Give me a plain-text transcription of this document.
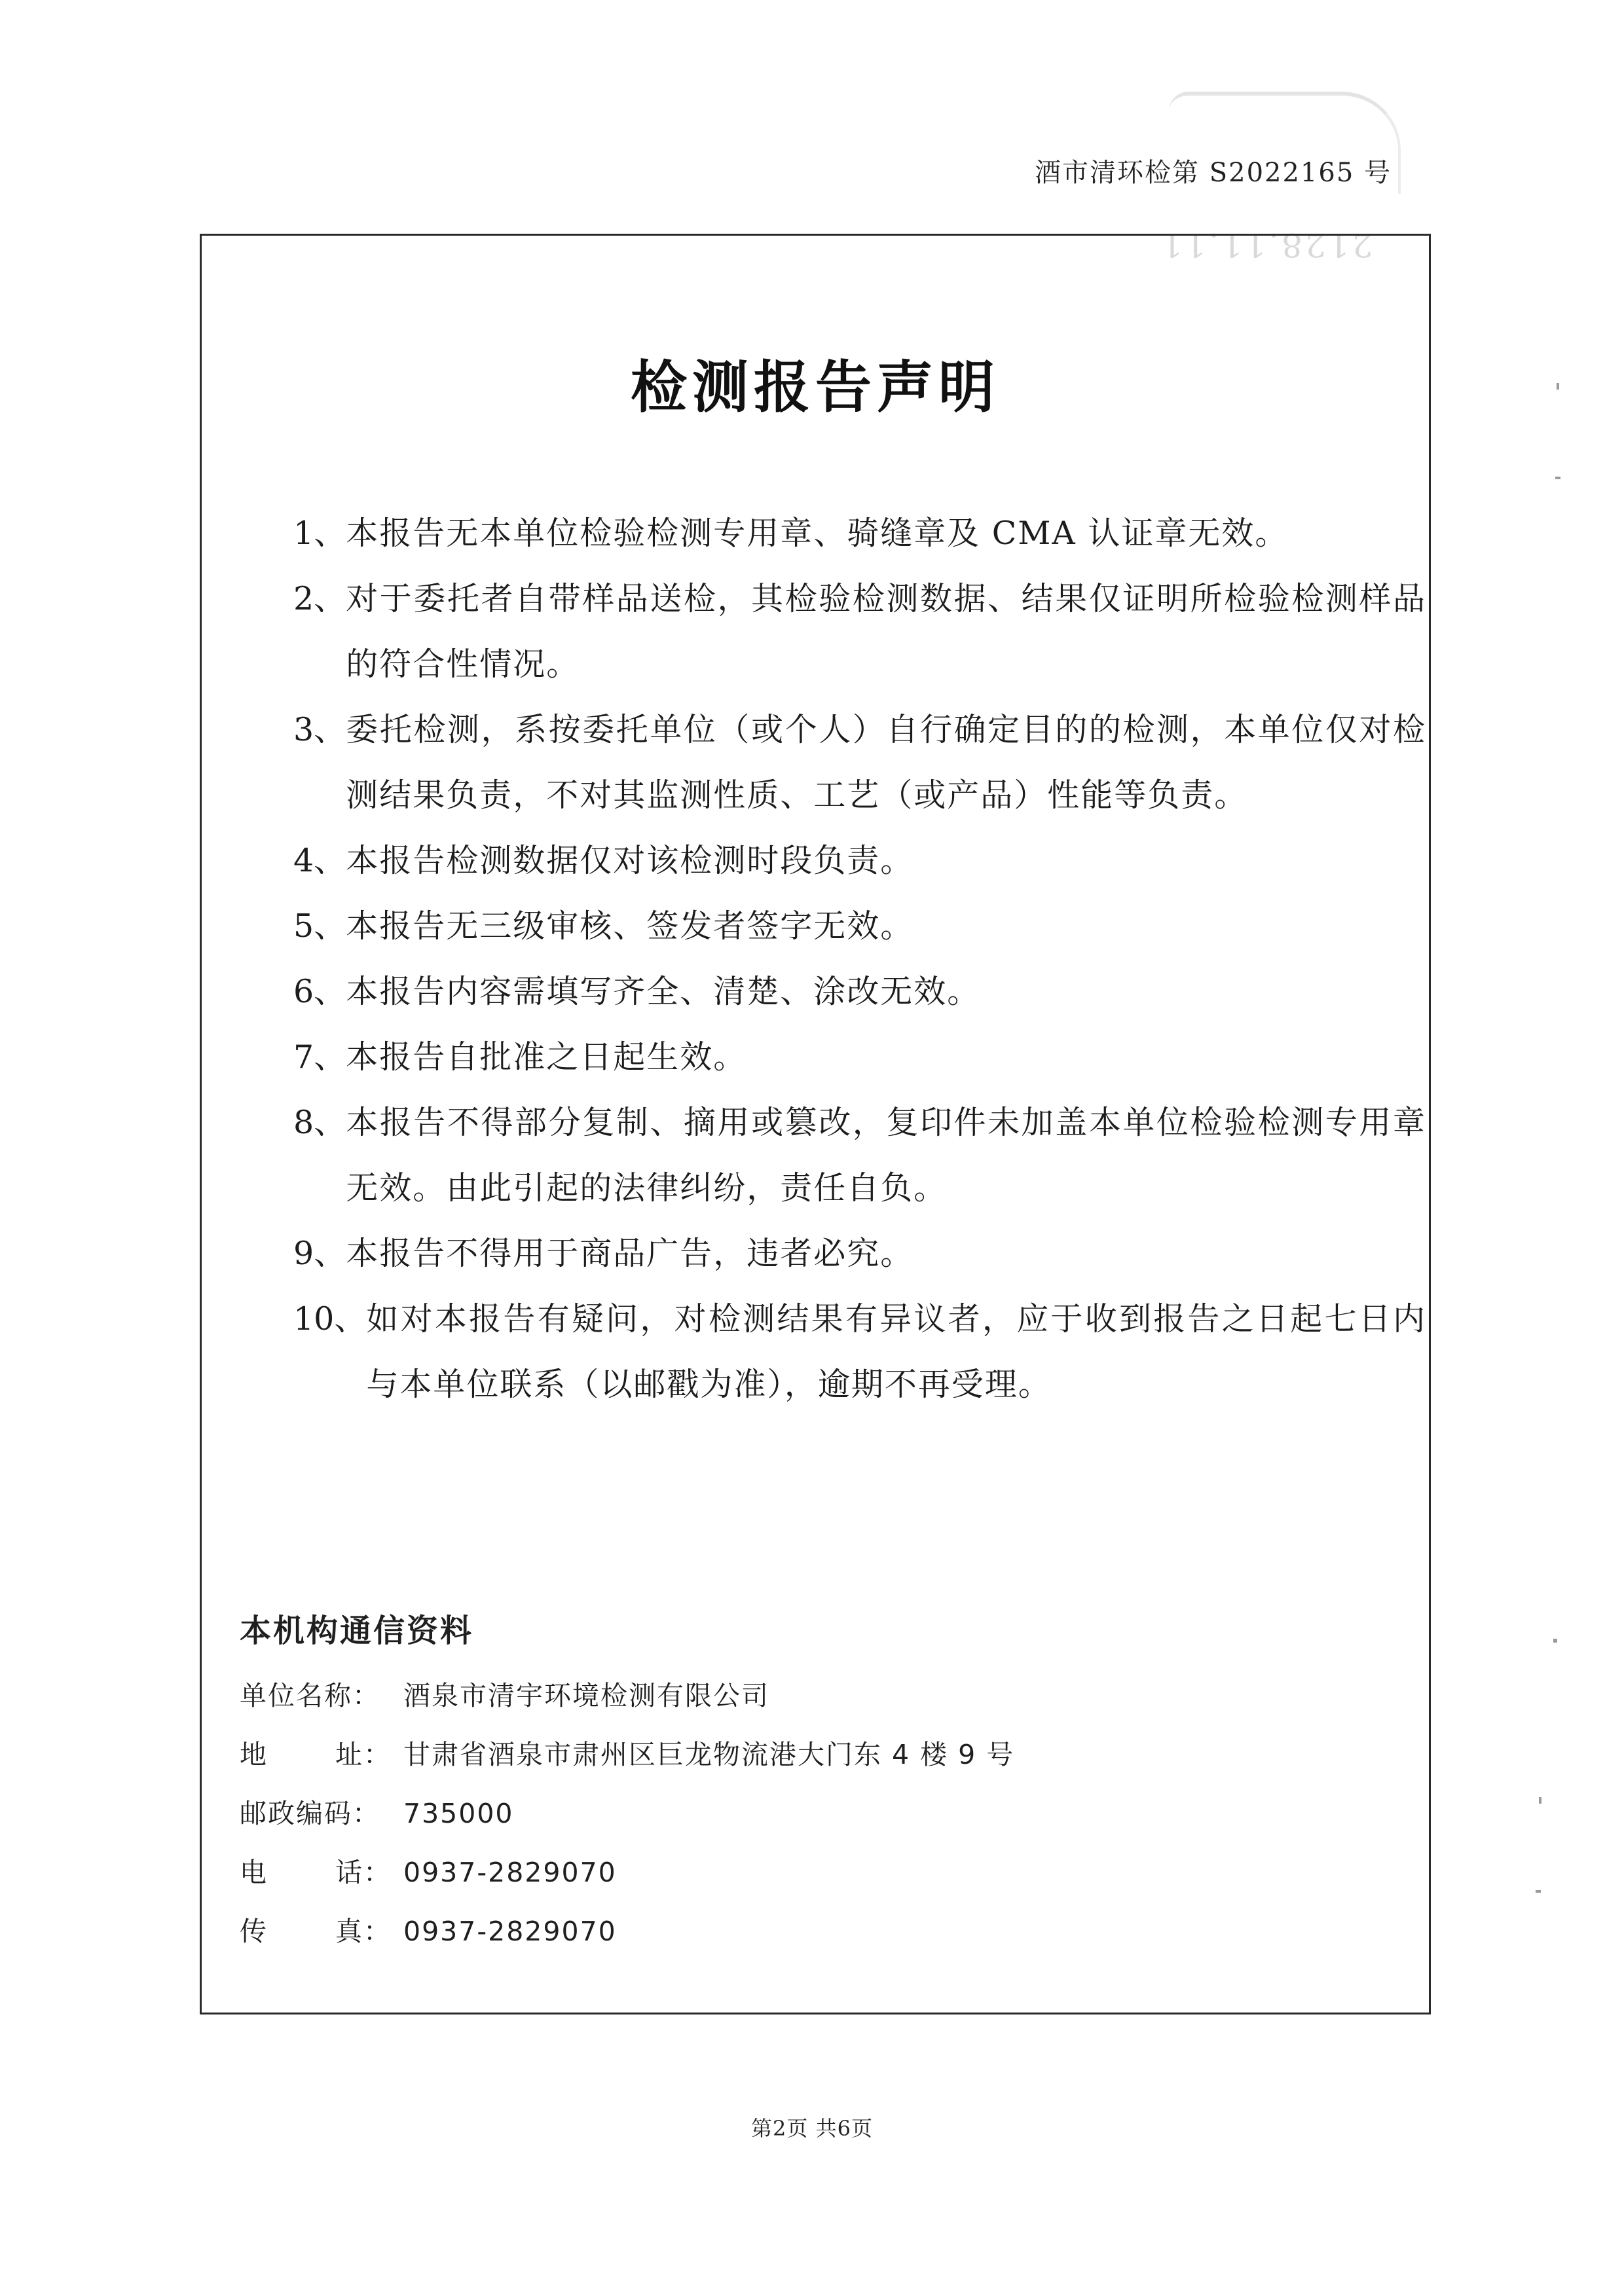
2128.11.11
酒市清环检第 S2022165 号
检测报告声明
1、 本报告无本单位检验检测专用章、骑缝章及 CMA 认证章无效。
2、 对于委托者自带样品送检，其检验检测数据、结果仅证明所检验检测样品的符合性情况。
3、 委托检测，系按委托单位（或个人）自行确定目的的检测，本单位仅对检测结果负责，不对其监测性质、工艺（或产品）性能等负责。
4、 本报告检测数据仅对该检测时段负责。
5、 本报告无三级审核、签发者签字无效。
6、 本报告内容需填写齐全、清楚、涂改无效。
7、 本报告自批准之日起生效。
8、 本报告不得部分复制、摘用或篡改，复印件未加盖本单位检验检测专用章无效。由此引起的法律纠纷，责任自负。
9、 本报告不得用于商品广告，违者必究。
10、 如对本报告有疑问，对检测结果有异议者，应于收到报告之日起七日内与本单位联系（以邮戳为准），逾期不再受理。
本机构通信资料
单位名称： 酒泉市清宇环境检测有限公司
地	址： 甘肃省酒泉市肃州区巨龙物流港大门东 4 楼 9 号
邮政编码： 735000
电	话： 0937-2829070
传	真： 0937-2829070
第2页 共6页
